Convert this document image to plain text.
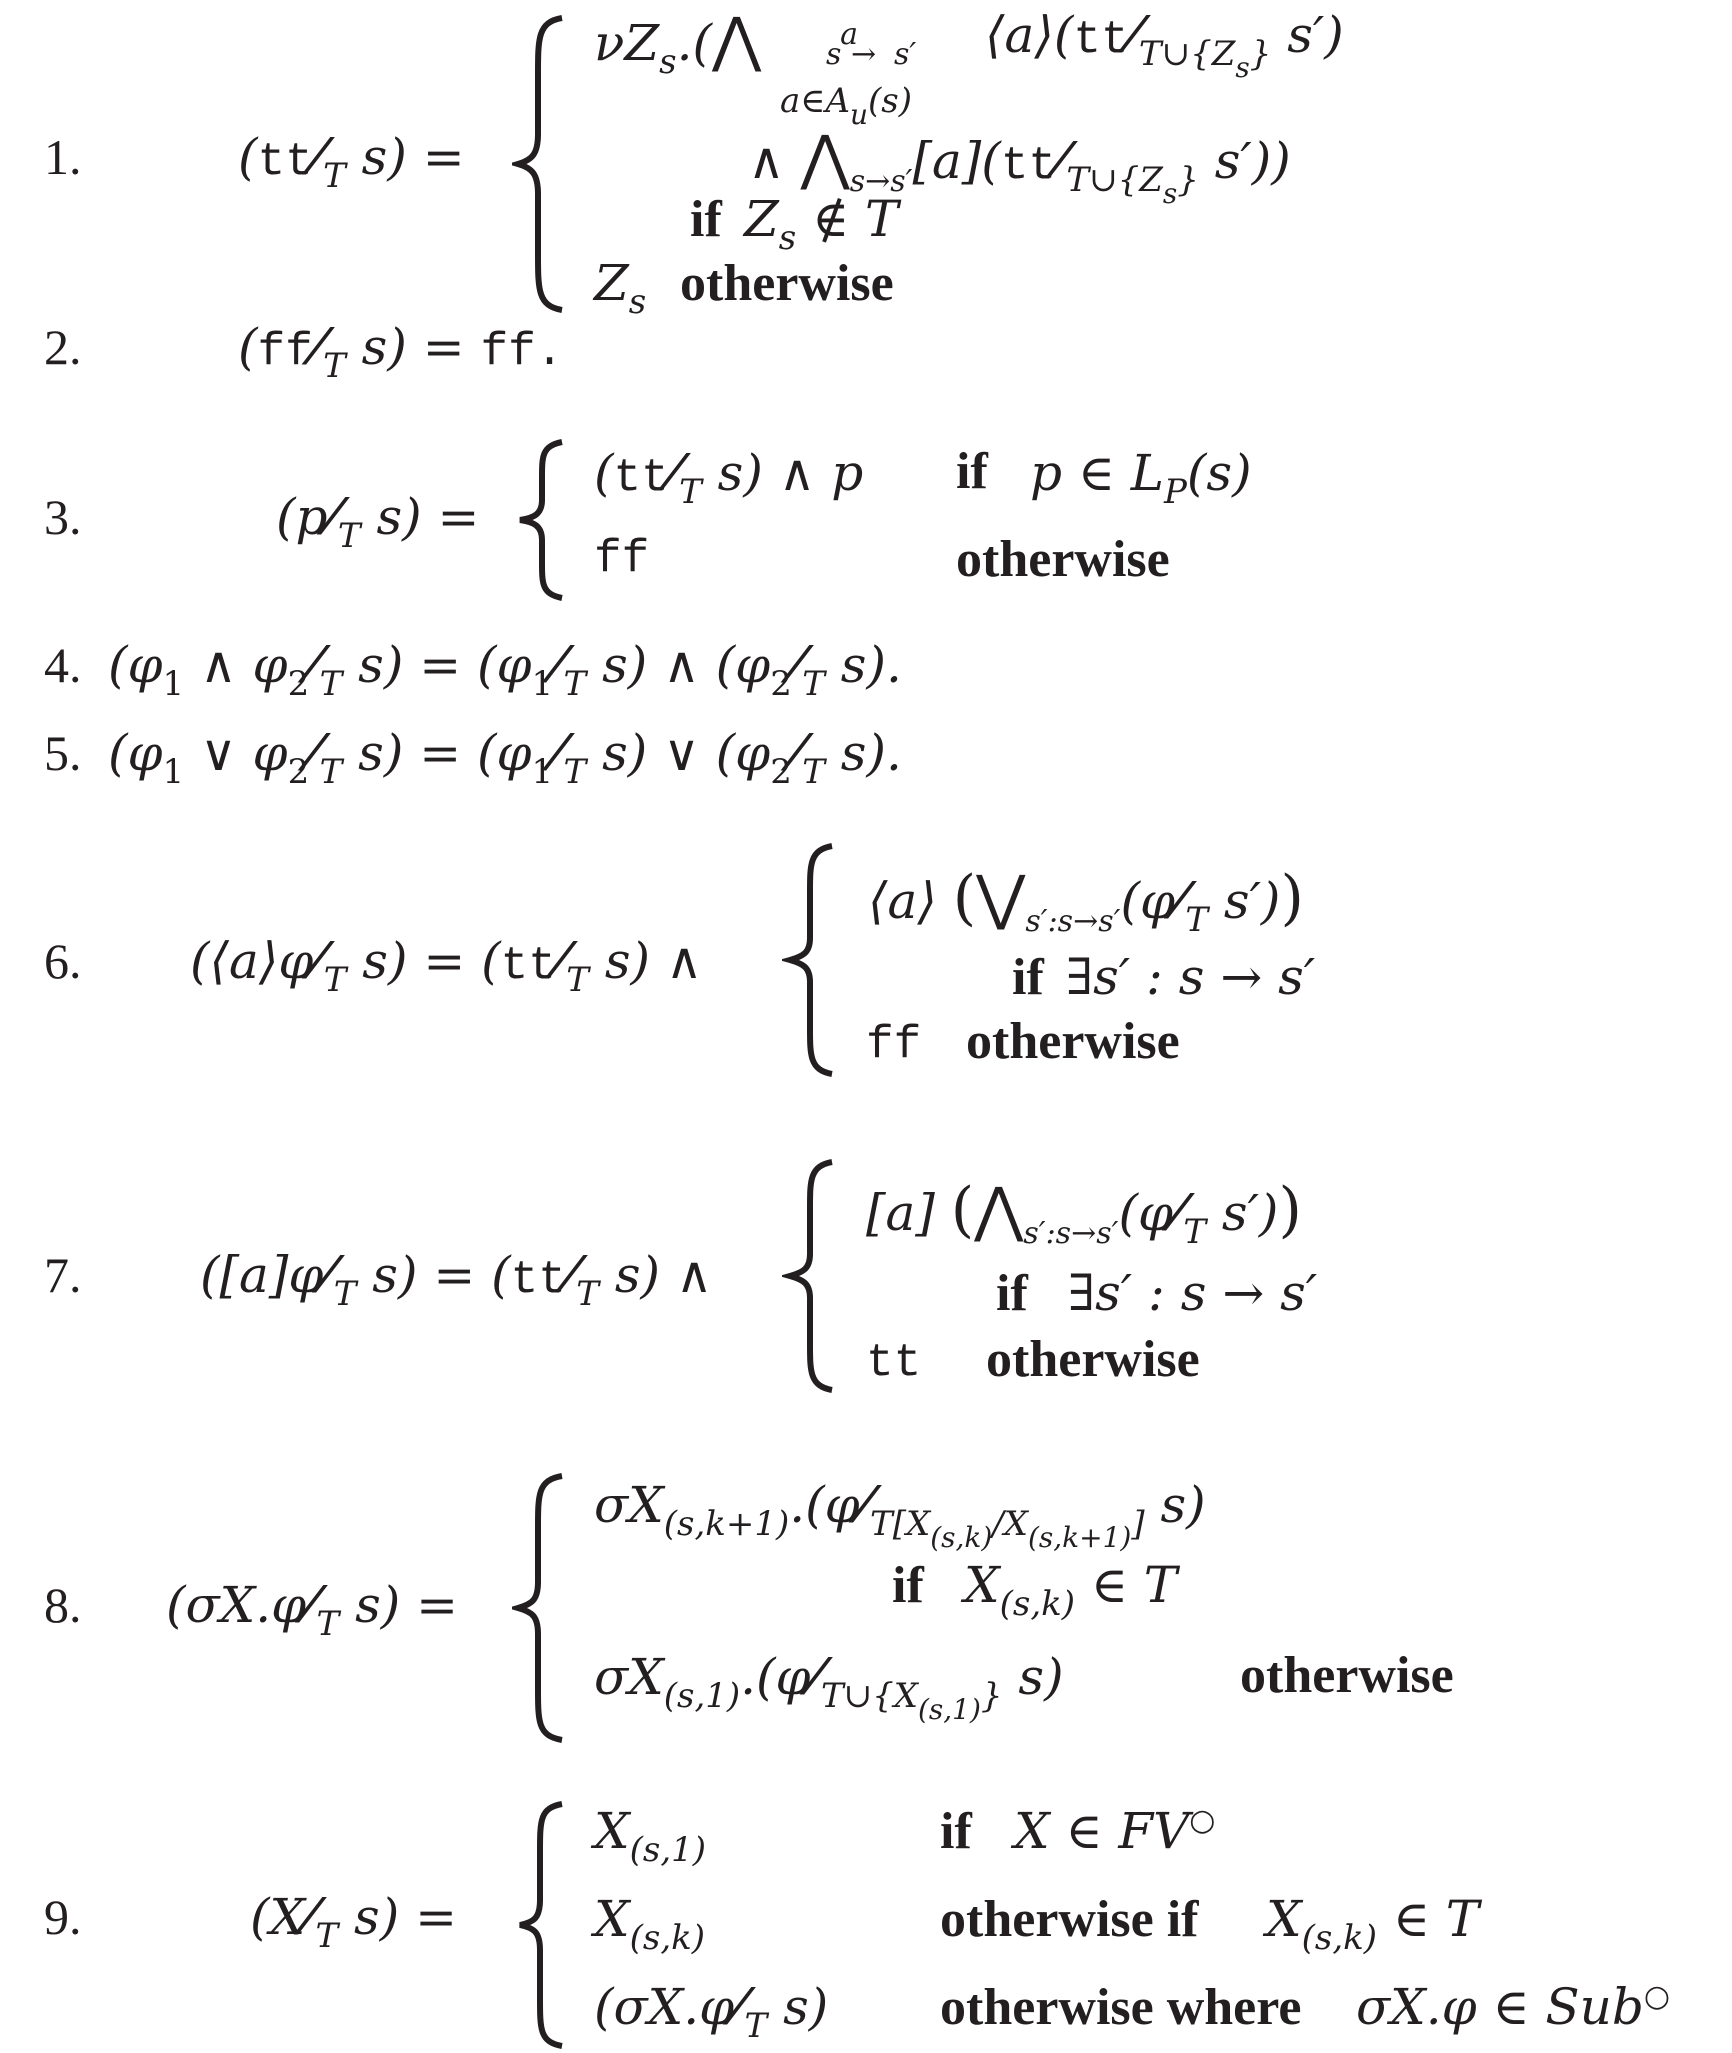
1.	($tt⁄_T$ s) =
$\nu Z_s.(⋀$ s →as′ $⟨a⟩(tt⁄_{T\cup\{Z_s\}}$ s′)
$a\in A_u(s)$
∧ $⋀_{s\to s'}[a](tt⁄_{T\cup\{Z_s\}}$ s′))
if $Z_s$ ∉ T
$Z_s$ otherwise
2.	($ff⁄_T$ s) = ff.
3.	($p⁄_T$ s) =
($tt⁄_T$ s) ∧ p if p ∈ $L_P(s)$
ff	otherwise
4. ($\varphi_1$ ∧ $\varphi_2⁄_T$ $s) = (\varphi_1⁄_T$ s) ∧ ($\varphi_2⁄_T$ s).
5. ($\varphi_1$ ∨ $\varphi_2⁄_T$ $s) = (\varphi_1⁄_T$ s) ∨ ($\varphi_2⁄_T$ s).
6. ($⟨a⟩\varphi⁄_T$ $s) = (tt⁄_T$ s) ∧
⟨a⟩ ($⋁_{s':s\to s'}(\varphi⁄_T$ s′))
if ∃s′ : s → s′
ff otherwise
7. ($[a]\varphi⁄_T$ $s) = (tt⁄_T$ s) ∧
[a] ($⋀_{s':s\to s'}(\varphi⁄_T$ s′))
if ∃s′ : s → s′
tt otherwise
8. ($\sigma X.\varphi⁄_T$ s) =
$\sigma X_{(s,k+1)}.(\varphi⁄_{T[X_{(s,k)}/X_{(s,k+1)}]}$ s)
if $X_{(s,k)}$ ∈ T
$\sigma X_{(s,1)}.(\varphi⁄_{T\cup\{X_{(s,1)}\}}$ s)	otherwise
9.	($X⁄_T$ s) =
$X_{(s,1)}$	if X ∈ FV○
$X_{(s,k)}$	otherwise if $X_{(s,k)}$ ∈ T
($\sigma X.\varphi⁄_T$ s) otherwise where σX.φ ∈ Sub○
